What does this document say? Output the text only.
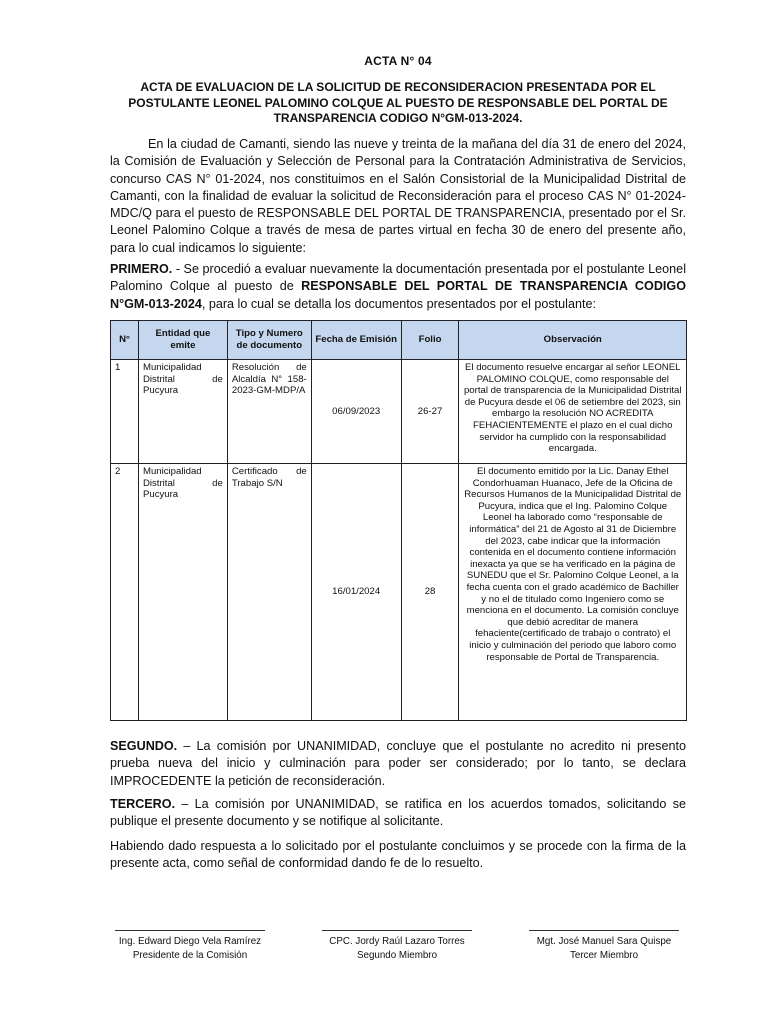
ACTA N° 04
ACTA DE EVALUACION DE LA SOLICITUD DE RECONSIDERACION PRESENTADA POR EL POSTULANTE LEONEL PALOMINO COLQUE AL PUESTO DE RESPONSABLE DEL PORTAL DE TRANSPARENCIA CODIGO N°GM-013-2024.

En la ciudad de Camanti, siendo las nueve y treinta de la mañana del día 31 de enero del 2024, la Comisión de Evaluación y Selección de Personal para la Contratación Administrativa de Servicios, concurso CAS N° 01-2024, nos constituimos en el Salón Consistorial de la Municipalidad Distrital de Camanti, con la finalidad de evaluar la solicitud de Reconsideración para el proceso CAS N° 01-2024-MDC/Q para el puesto de RESPONSABLE DEL PORTAL DE TRANSPARENCIA, presentado por el Sr. Leonel Palomino Colque a través de mesa de partes virtual en fecha 30 de enero del presente año, para lo cual indicamos lo siguiente:

PRIMERO. - Se procedió a evaluar nuevamente la documentación presentada por el postulante Leonel Palomino Colque al puesto de RESPONSABLE DEL PORTAL DE TRANSPARENCIA CODIGO N°GM-013-2024, para lo cual se detalla los documentos presentados por el postulante:

N°	Entidad que emite	Tipo y Numero de documento	Fecha de Emisión	Folio	Observación
1	Municipalidad Distrital de Pucyura	Resolución de Alcaldía N° 158-2023-GM-MDP/A	06/09/2023	26-27	El documento resuelve encargar al señor LEONEL PALOMINO COLQUE, como responsable del portal de transparencia de la Municipalidad Distrital de Pucyura desde el 06 de setiembre del 2023, sin embargo la resolución NO ACREDITA FEHACIENTEMENTE el plazo en el cual dicho servidor ha cumplido con la responsabilidad encargada.
2	Municipalidad Distrital de Pucyura	Certificado de Trabajo S/N	16/01/2024	28	El documento emitido por la Lic. Danay Ethel Condorhuaman Huanaco, Jefe de la Oficina de Recursos Humanos de la Municipalidad Distrital de Pucyura, indica que el Ing. Palomino Colque Leonel ha laborado como “responsable de informática” del 21 de Agosto al 31 de Diciembre del 2023, cabe indicar que la información contenida en el documento contiene información inexacta ya que se ha verificado en la página de SUNEDU que el Sr. Palomino Colque Leonel, a la fecha cuenta con el grado académico de Bachiller y no el de titulado como Ingeniero como se menciona en el documento. La comisión concluye que debió acreditar de manera fehaciente(certificado de trabajo o contrato) el inicio y culminación del periodo que laboro como responsable de Portal de Transparencia.

SEGUNDO. – La comisión por UNANIMIDAD, concluye que el postulante no acredito ni presento prueba nueva del inicio y culminación para poder ser considerado; por lo tanto, se declara IMPROCEDENTE la petición de reconsideración.

TERCERO. – La comisión por UNANIMIDAD, se ratifica en los acuerdos tomados, solicitando se publique el presente documento y se notifique al solicitante.

Habiendo dado respuesta a lo solicitado por el postulante concluimos y se procede con la firma de la presente acta, como señal de conformidad dando fe de lo resuelto.

Ing. Edward Diego Vela Ramírez
Presidente de la Comisión
CPC. Jordy Raúl Lazaro Torres
Segundo Miembro
Mgt. José Manuel Sara Quispe
Tercer Miembro
